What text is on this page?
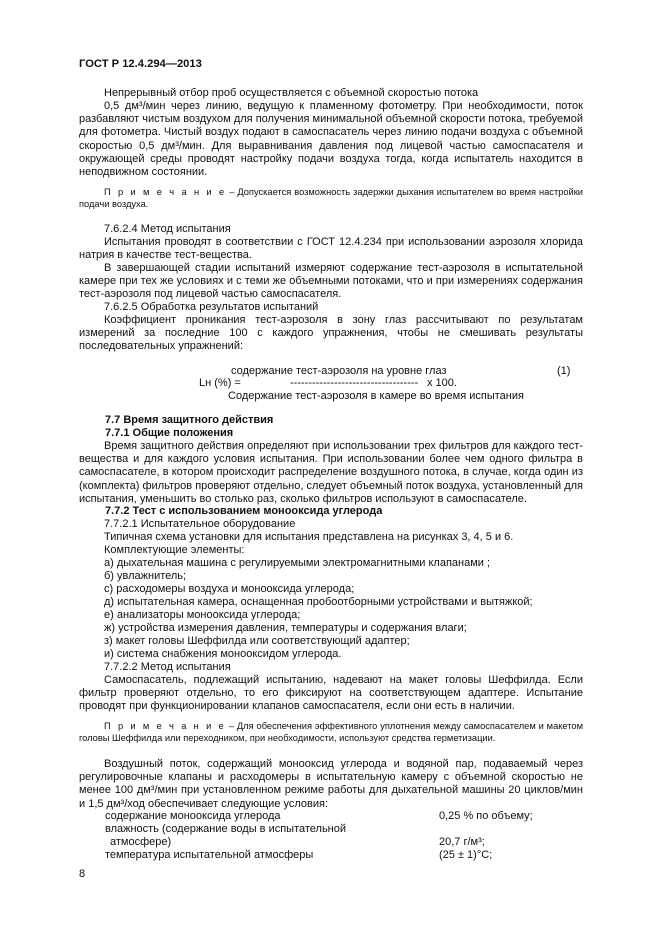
ГОСТ Р 12.4.294—2013
Непрерывный отбор проб осуществляется с объемной скоростью потока
0,5 дм³/мин через линию, ведущую к пламенному фотометру. При необходимости, поток разбавляют чистым воздухом для получения минимальной объемной скорости потока, требуемой для фотометра. Чистый воздух подают в самоспасатель через линию подачи воздуха с объемной скоростью 0,5 дм³/мин. Для выравнивания давления под лицевой частью самоспасателя и окружающей среды проводят настройку подачи воздуха тогда, когда испытатель находится в неподвижном состоянии.
П р и м е ч а н и е – Допускается возможность задержки дыхания испытателем во время настройки подачи воздуха.
7.6.2.4 Метод испытания
Испытания проводят в соответствии с ГОСТ 12.4.234 при использовании аэрозоля хлорида натрия в качестве тест-вещества.
В завершающей стадии испытаний измеряют содержание тест-аэрозоля в испытательной камере при тех же условиях и с теми же объемными потоками, что и при измерениях содержания тест-аэрозоля под лицевой частью самоспасателя.
7.6.2.5 Обработка результатов испытаний
Коэффициент проникания тест-аэрозоля в зону глаз рассчитывают по результатам измерений за последние 100 с каждого упражнения, чтобы не смешивать результаты последовательных упражнений:
содержание тест-аэрозоля на уровне глаз	(1)
Lн (%) =	----------------------------------- x 100.
Содержание тест-аэрозоля в камере во время испытания
7.7 Время защитного действия
7.7.1 Общие положения
Время защитного действия определяют при использовании трех фильтров для каждого тест-вещества и для каждого условия испытания. При использовании более чем одного фильтра в самоспасателе, в котором происходит распределение воздушного потока, в случае, когда один из (комплекта) фильтров проверяют отдельно, следует объемный поток воздуха, установленный для испытания, уменьшить во столько раз, сколько фильтров используют в самоспасателе.
7.7.2 Тест с использованием монооксида углерода
7.7.2.1 Испытательное оборудование
Типичная схема установки для испытания представлена на рисунках 3, 4, 5 и 6.
Комплектующие элементы:
а) дыхательная машина с регулируемыми электромагнитными клапанами ;
б) увлажнитель;
с) расходомеры воздуха и монооксида углерода;
д) испытательная камера, оснащенная пробоотборными устройствами и вытяжкой;
е) анализаторы монооксида углерода;
ж) устройства измерения давления, температуры и содержания влаги;
з) макет головы Шеффилда или соответствующий адаптер;
и) система снабжения монооксидом углерода.
7.7.2.2 Метод испытания
Самоспасатель, подлежащий испытанию, надевают на макет головы Шеффилда. Если фильтр проверяют отдельно, то его фиксируют на соответствующем адаптере. Испытание проводят при функционировании клапанов самоспасателя, если они есть в наличии.
П р и м е ч а н и е – Для обеспечения эффективного уплотнения между самоспасателем и макетом головы Шеффилда или переходником, при необходимости, используют средства герметизации.
Воздушный поток, содержащий монооксид углерода и водяной пар, подаваемый через регулировочные клапаны и расходомеры в испытательную камеру с объемной скоростью не менее 100 дм³/мин при установленном режиме работы для дыхательной машины 20 циклов/мин и 1,5 дм³/ход обеспечивает следующие условия:
содержание монооксида углерода	0,25 % по объему;
влажность (содержание воды в испытательной
атмосфере)	20,7 г/м³;
температура испытательной атмосферы	(25 ± 1)°С;
8
